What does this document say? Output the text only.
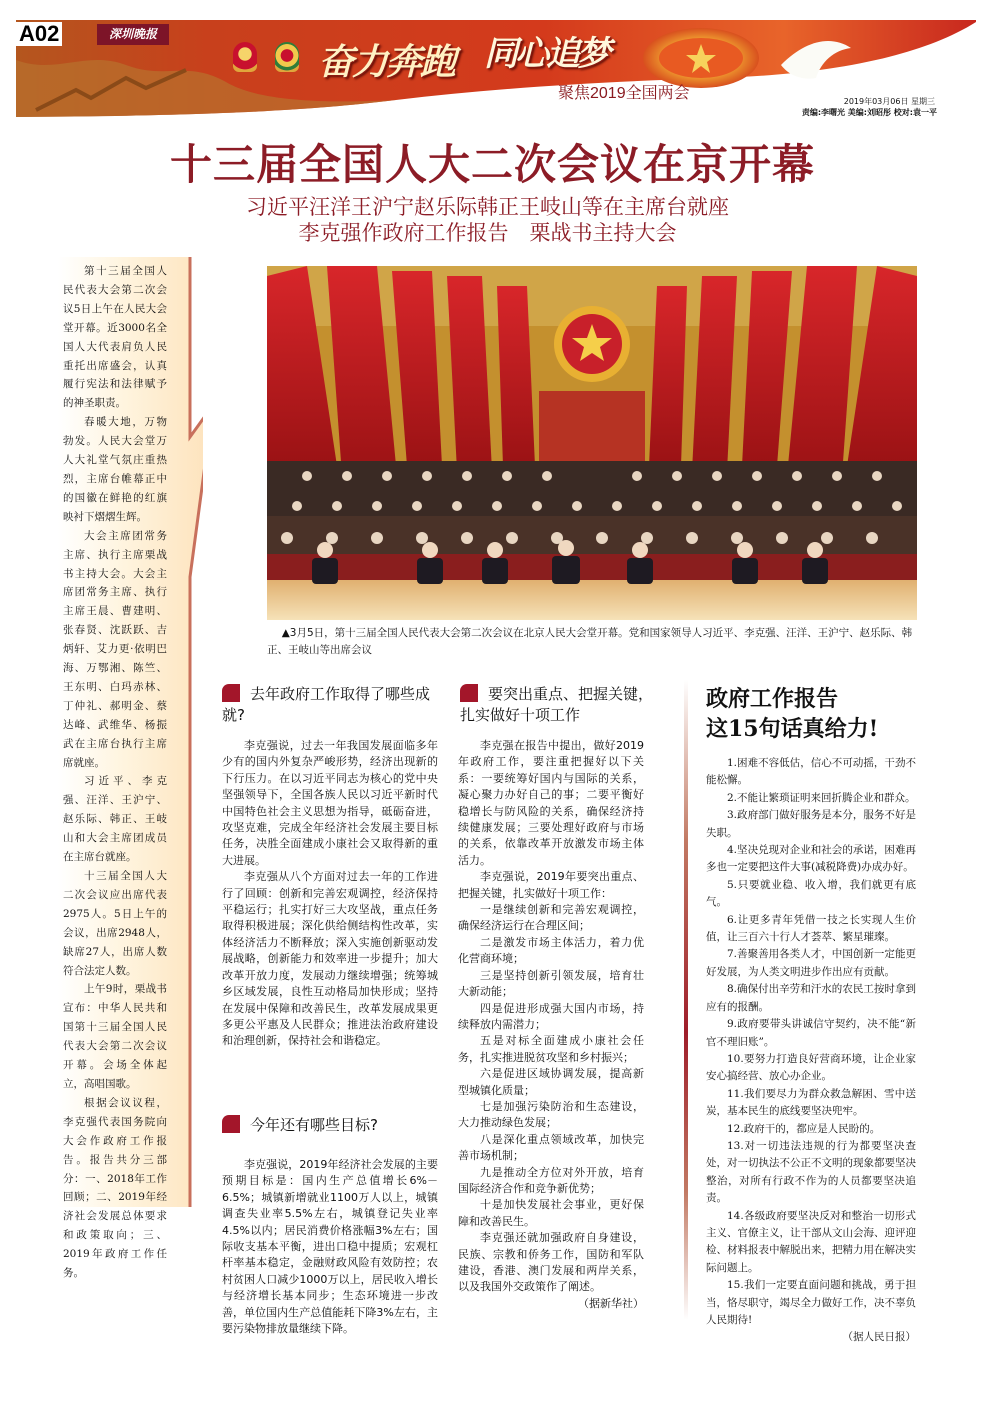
A02	深圳晚报
奋力奔跑 同心追梦
聚焦2019全国两会	2019年03月06日 星期三
责编:李曙光 美编:刘昭彤 校对:袁一平
十三届全国人大二次会议在京开幕
习近平汪洋王沪宁赵乐际韩正王岐山等在主席台就座
李克强作政府工作报告　栗战书主持大会

第十三届全国人民代表大会第二次会议5日上午在人民大会堂开幕。近3000名全国人大代表肩负人民重托出席盛会，认真履行宪法和法律赋予的神圣职责。

春暖大地，万物勃发。人民大会堂万人大礼堂气氛庄重热烈，主席台帷幕正中的国徽在鲜艳的红旗映衬下熠熠生辉。

大会主席团常务主席、执行主席栗战书主持大会。大会主席团常务主席、执行主席王晨、曹建明、张春贤、沈跃跃、吉炳轩、艾力更·依明巴海、万鄂湘、陈竺、王东明、白玛赤林、丁仲礼、郝明金、蔡达峰、武维华、杨振武在主席台执行主席席就座。

习近平、李克强、汪洋、王沪宁、赵乐际、韩正、王岐山和大会主席团成员在主席台就座。

十三届全国人大二次会议应出席代表2975人。5日上午的会议，出席2948人，缺席27人，出席人数符合法定人数。

上午9时，栗战书宣布：中华人民共和国第十三届全国人民代表大会第二次会议开幕。会场全体起立，高唱国歌。

根据会议议程，李克强代表国务院向大会作政府工作报告。报告共分三部分：一、2018年工作回顾；二、2019年经济社会发展总体要求和政策取向；三、2019年政府工作任务。

▲3月5日，第十三届全国人民代表大会第二次会议在北京人民大会堂开幕。党和国家领导人习近平、李克强、汪洋、王沪宁、赵乐际、韩正、王岐山等出席会议
去年政府工作取得了哪些成就?

李克强说，过去一年我国发展面临多年少有的国内外复杂严峻形势，经济出现新的下行压力。在以习近平同志为核心的党中央坚强领导下，全国各族人民以习近平新时代中国特色社会主义思想为指导，砥砺奋进，攻坚克难，完成全年经济社会发展主要目标任务，决胜全面建成小康社会又取得新的重大进展。

李克强从八个方面对过去一年的工作进行了回顾：创新和完善宏观调控，经济保持平稳运行；扎实打好三大攻坚战，重点任务取得积极进展；深化供给侧结构性改革，实体经济活力不断释放；深入实施创新驱动发展战略，创新能力和效率进一步提升；加大改革开放力度，发展动力继续增强；统筹城乡区域发展，良性互动格局加快形成；坚持在发展中保障和改善民生，改革发展成果更多更公平惠及人民群众；推进法治政府建设和治理创新，保持社会和谐稳定。

今年还有哪些目标?

李克强说，2019年经济社会发展的主要预期目标是：国内生产总值增长6%－6.5%；城镇新增就业1100万人以上，城镇调查失业率5.5%左右，城镇登记失业率4.5%以内；居民消费价格涨幅3%左右；国际收支基本平衡，进出口稳中提质；宏观杠杆率基本稳定，金融财政风险有效防控；农村贫困人口减少1000万以上，居民收入增长与经济增长基本同步；生态环境进一步改善，单位国内生产总值能耗下降3%左右，主要污染物排放量继续下降。

要突出重点、把握关键，扎实做好十项工作

李克强在报告中提出，做好2019年政府工作，要注重把握好以下关系：一要统筹好国内与国际的关系，凝心聚力办好自己的事；二要平衡好稳增长与防风险的关系，确保经济持续健康发展；三要处理好政府与市场的关系，依靠改革开放激发市场主体活力。

李克强说，2019年要突出重点、把握关键，扎实做好十项工作：

一是继续创新和完善宏观调控，确保经济运行在合理区间；

二是激发市场主体活力，着力优化营商环境；

三是坚持创新引领发展，培育壮大新动能；

四是促进形成强大国内市场，持续释放内需潜力；

五是对标全面建成小康社会任务，扎实推进脱贫攻坚和乡村振兴；

六是促进区域协调发展，提高新型城镇化质量；

七是加强污染防治和生态建设，大力推动绿色发展；

八是深化重点领域改革，加快完善市场机制；

九是推动全方位对外开放，培育国际经济合作和竞争新优势；

十是加快发展社会事业，更好保障和改善民生。

李克强还就加强政府自身建设，民族、宗教和侨务工作，国防和军队建设，香港、澳门发展和两岸关系，以及我国外交政策作了阐述。

（据新华社）

政府工作报告
这15句话真给力!

1.困难不容低估，信心不可动摇，干劲不能松懈。

2.不能让繁琐证明来回折腾企业和群众。

3.政府部门做好服务是本分，服务不好是失职。

4.坚决兑现对企业和社会的承诺，困难再多也一定要把这件大事(减税降费)办成办好。

5.只要就业稳、收入增，我们就更有底气。

6.让更多青年凭借一技之长实现人生价值，让三百六十行人才荟萃、繁星璀璨。

7.善聚善用各类人才，中国创新一定能更好发展，为人类文明进步作出应有贡献。

8.确保付出辛劳和汗水的农民工按时拿到应有的报酬。

9.政府要带头讲诚信守契约，决不能“新官不理旧账”。

10.要努力打造良好营商环境，让企业家安心搞经营、放心办企业。

11.我们要尽力为群众救急解困、雪中送炭，基本民生的底线要坚决兜牢。

12.政府干的，都应是人民盼的。

13.对一切违法违规的行为都要坚决查处，对一切执法不公正不文明的现象都要坚决整治，对所有行政不作为的人员都要坚决追责。

14.各级政府要坚决反对和整治一切形式主义、官僚主义，让干部从文山会海、迎评迎检、材料报表中解脱出来，把精力用在解决实际问题上。

15.我们一定要直面问题和挑战，勇于担当，恪尽职守，竭尽全力做好工作，决不辜负人民期待!

（据人民日报）
